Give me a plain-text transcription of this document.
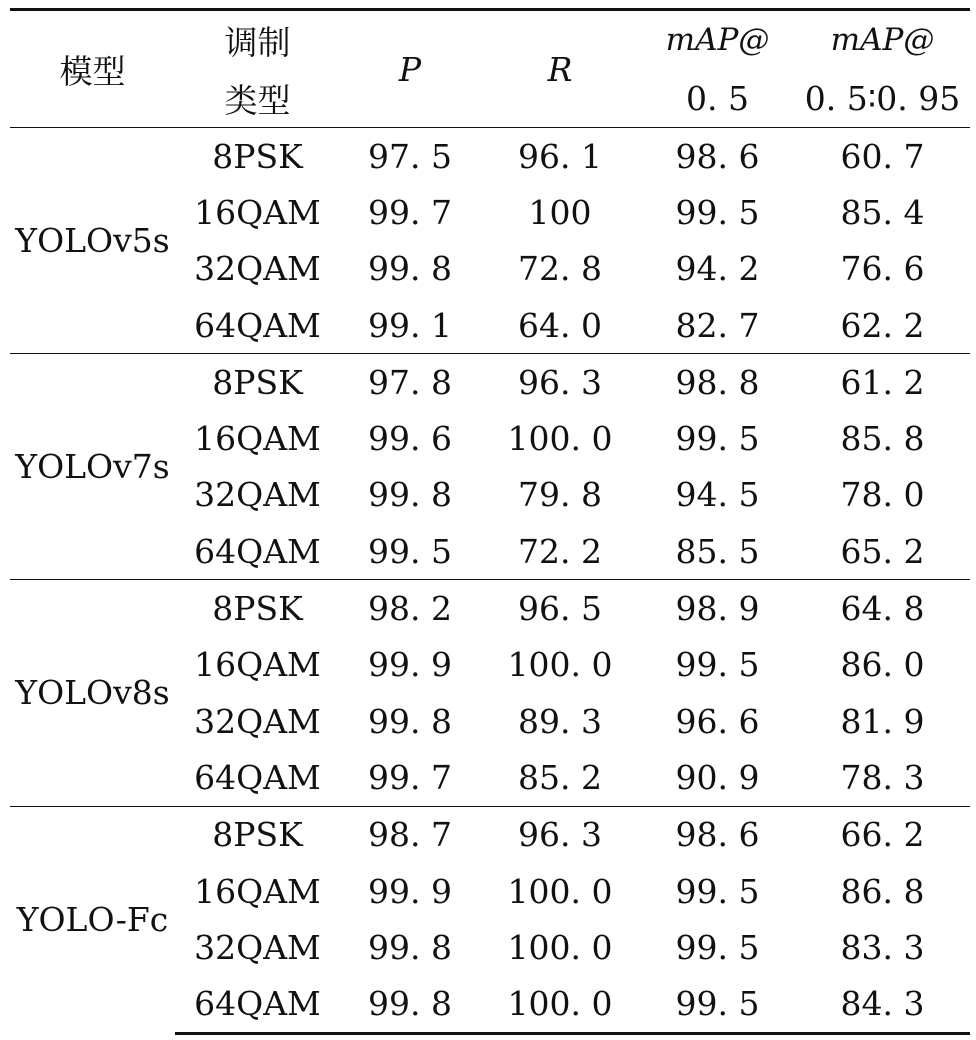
模型	调制	P	R	mAP@	mAP@
	类型			0. 5	0. 5∶0. 95
YOLOv5s	8PSK	97. 5	96. 1	98. 6	60. 7
	16QAM	99. 7	100	99. 5	85. 4
	32QAM	99. 8	72. 8	94. 2	76. 6
	64QAM	99. 1	64. 0	82. 7	62. 2
YOLOv7s	8PSK	97. 8	96. 3	98. 8	61. 2
	16QAM	99. 6	100. 0	99. 5	85. 8
	32QAM	99. 8	79. 8	94. 5	78. 0
	64QAM	99. 5	72. 2	85. 5	65. 2
YOLOv8s	8PSK	98. 2	96. 5	98. 9	64. 8
	16QAM	99. 9	100. 0	99. 5	86. 0
	32QAM	99. 8	89. 3	96. 6	81. 9
	64QAM	99. 7	85. 2	90. 9	78. 3
YOLO-Fc	8PSK	98. 7	96. 3	98. 6	66. 2
	16QAM	99. 9	100. 0	99. 5	86. 8
	32QAM	99. 8	100. 0	99. 5	83. 3
	64QAM	99. 8	100. 0	99. 5	84. 3
